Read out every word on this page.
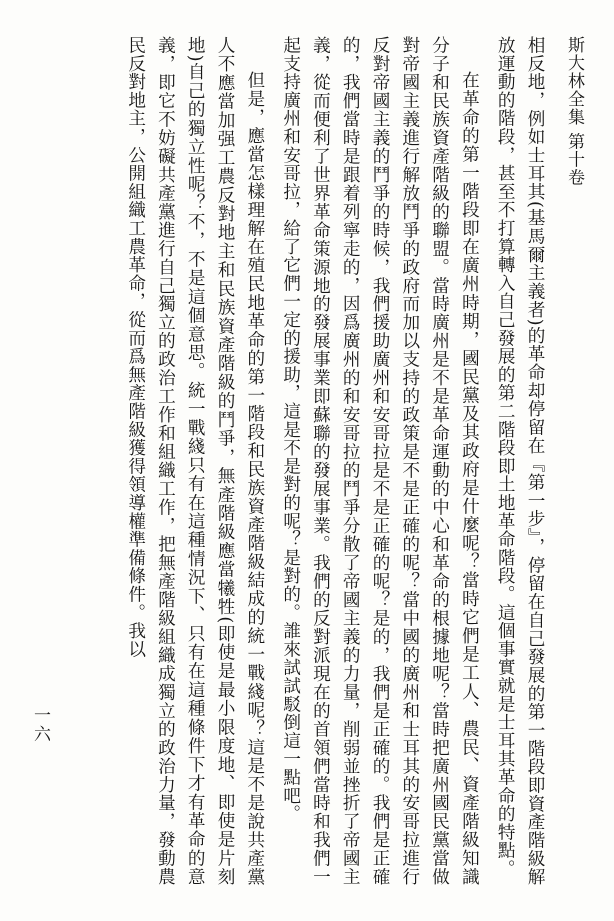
斯大林全集 第十卷

相反地，例如士耳其(基馬爾主義者)的革命却停留在『第一步』，停留在自己發展的第一階段即資產階級解放運動的階段，甚至不打算轉入自己發展的第二階段即土地革命階段。這個事實就是士耳其革命的特點。

在革命的第一階段即在廣州時期，國民黨及其政府是什麼呢？當時它們是工人、農民、資產階級知識分子和民族資產階級的聯盟。當時廣州是不是革命運動的中心和革命的根據地呢？當時把廣州國民黨當做對帝國主義進行解放鬥爭的政府而加以支持的政策是不是正確的呢？當中國的廣州和士耳其的安哥拉進行反對帝國主義的鬥爭的時候，我們援助廣州和安哥拉是不是正確的呢？是的，我們是正確的。我們是正確的，我們當時是跟着列寧走的，因爲廣州的和安哥拉的鬥爭分散了帝國主義的力量，削弱並挫折了帝國主義，從而便利了世界革命策源地的發展事業即蘇聯的發展事業。我們的反對派現在的首領們當時和我們一起支持廣州和安哥拉，給了它們一定的援助，這是不是對的呢？是對的。誰來試試駁倒這一點吧。

但是，應當怎樣理解在殖民地革命的第一階段和民族資產階級結成的統一戰綫呢？這是不是說共產黨人不應當加强工農反對地主和民族資產階級的鬥爭，無產階級應當犧牲(即使是最小限度地、即使是片刻地)自己的獨立性呢？不，不是這個意思。統一戰綫只有在這種情況下、只有在這種條件下才有革命的意義，即它不妨礙共產黨進行自己獨立的政治工作和組織工作，把無產階級組織成獨立的政治力量，發動農民反對地主，公開組織工農革命，從而爲無產階級獲得領導權準備條件。我以

一六
